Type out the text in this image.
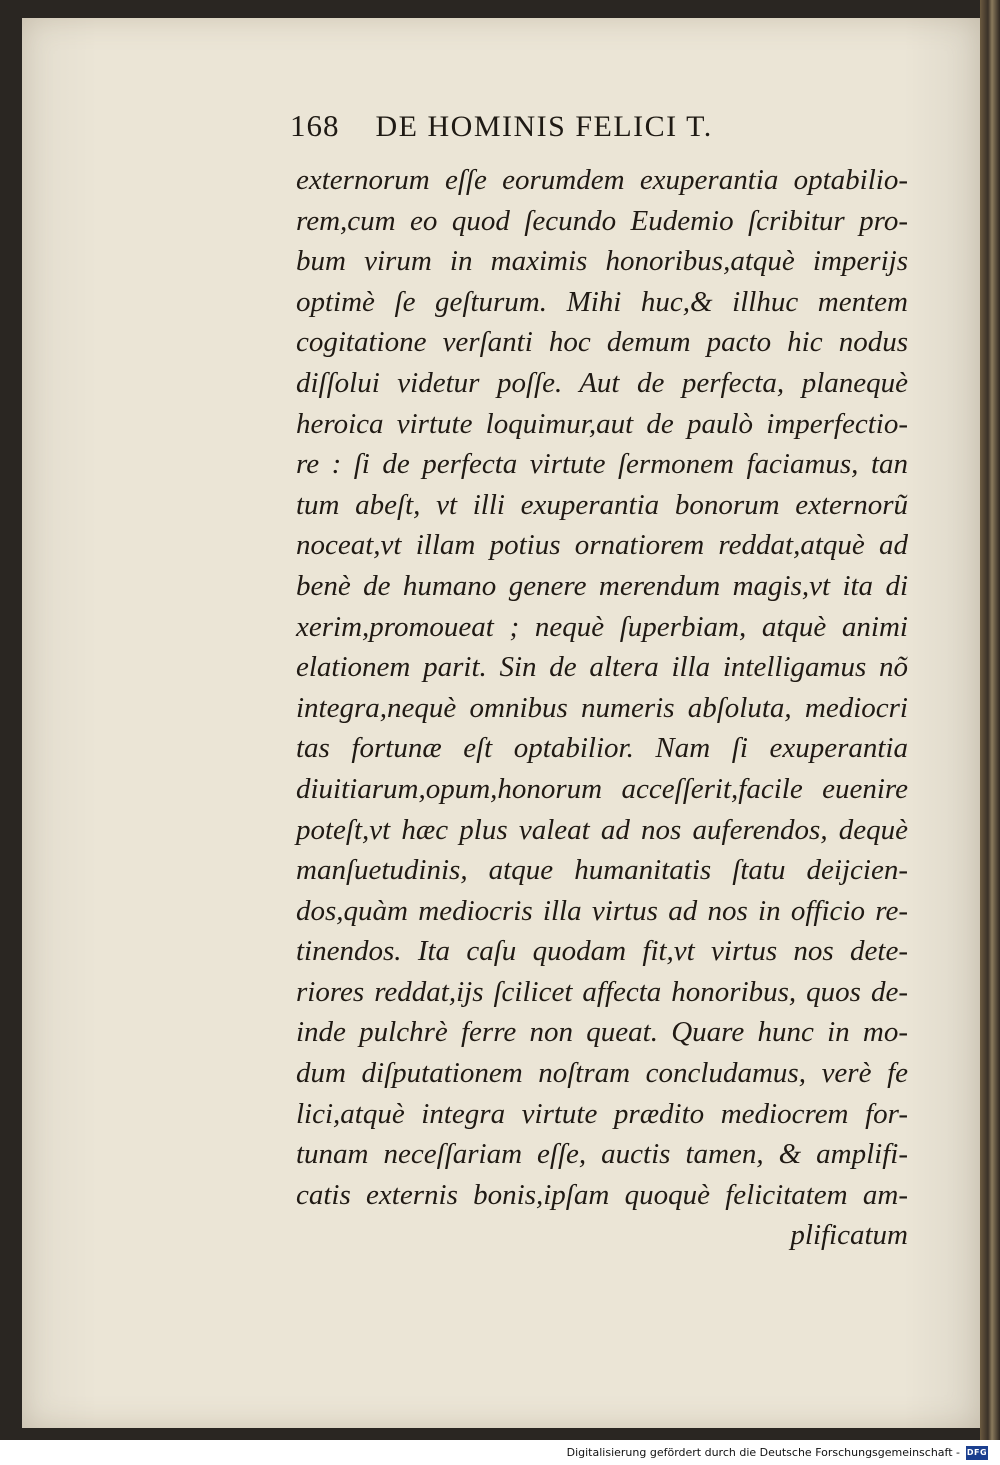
168 DE HOMINIS FELICI T.
externorum eſſe eorumdem exuperantia optabilio-
rem,cum eo quod ſecundo Eudemio ſcribitur pro-
bum virum in maximis honoribus,atquè imperijs
optimè ſe geſturum. Mihi huc,& illhuc mentem
cogitatione verſanti hoc demum pacto hic nodus
diſſolui videtur poſſe. Aut de perfecta, planequè
heroica virtute loquimur,aut de paulò imperfectio-
re : ſi de perfecta virtute ſermonem faciamus, tan
tum abeſt, vt illi exuperantia bonorum externorũ
noceat,vt illam potius ornatiorem reddat,atquè ad
benè de humano genere merendum magis,vt ita di
xerim,promoueat ; nequè ſuperbiam, atquè animi
elationem parit. Sin de altera illa intelligamus nõ
integra,nequè omnibus numeris abſoluta, mediocri
tas fortunæ eſt optabilior. Nam ſi exuperantia
diuitiarum,opum,honorum acceſſerit,facile euenire
poteſt,vt hæc plus valeat ad nos auferendos, dequè
manſuetudinis, atque humanitatis ſtatu deijcien-
dos,quàm mediocris illa virtus ad nos in officio re-
tinendos. Ita caſu quodam fit,vt virtus nos dete-
riores reddat,ijs ſcilicet affecta honoribus, quos de-
inde pulchrè ferre non queat. Quare hunc in mo-
dum diſputationem noſtram concludamus, verè fe
lici,atquè integra virtute prædito mediocrem for-
tunam neceſſariam eſſe, auctis tamen, & amplifi-
catis externis bonis,ipſam quoquè felicitatem am-
plificatum
Digitalisierung gefördert durch die Deutsche Forschungsgemeinschaft - DFG
